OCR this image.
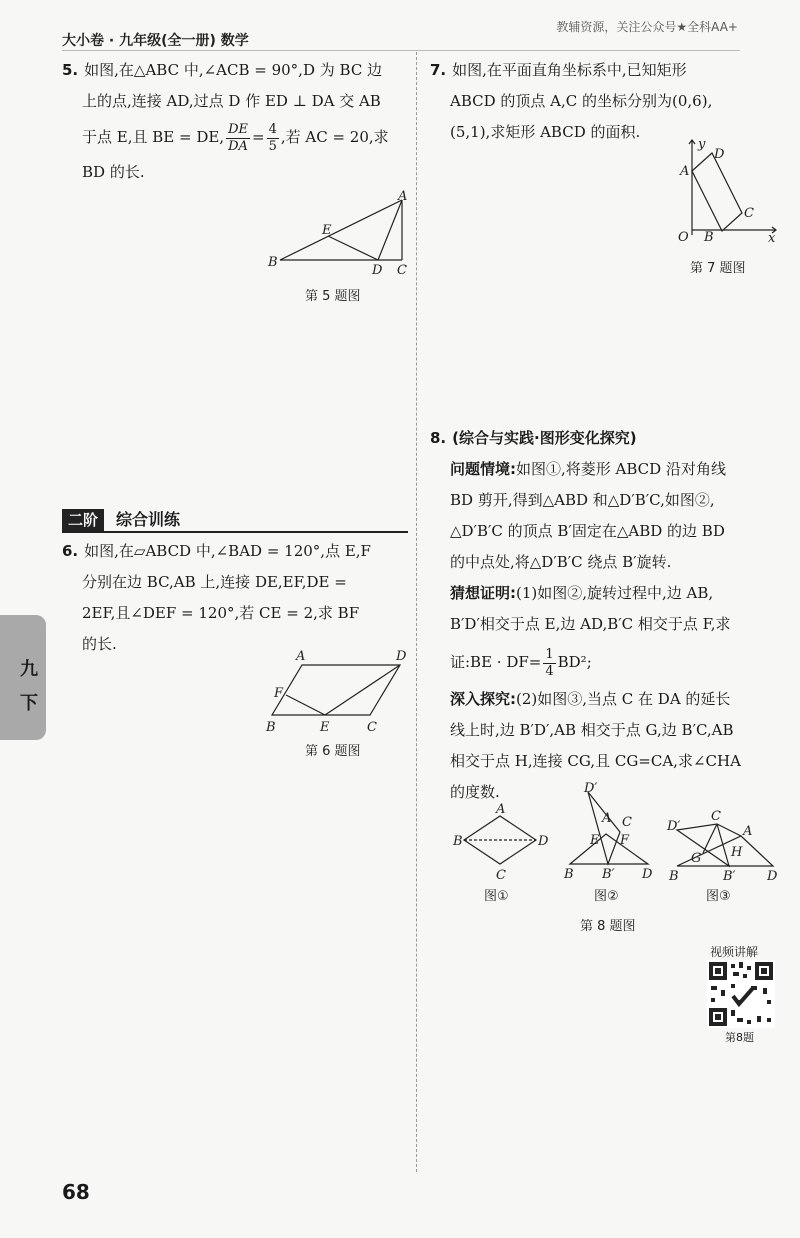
大小卷 · 九年级(全一册) 数学
教辅资源，关注公众号★全科AA+
5. 如图,在△ABC 中,∠ACB = 90°,D 为 BC 边
上的点,连接 AD,过点 D 作 ED ⊥ DA 交 AB
于点 E,且 BE = DE, $\frac{DE}{DA} = \frac{4}{5}$ ,若 AC = 20,求
BD 的长.
A
B
C
D
E
第 5 题图
二阶	综合训练
6. 如图,在▱ABCD 中,∠BAD = 120°,点 E,F
分别在边 BC,AB 上,连接 DE,EF,DE =
2EF,且∠DEF = 120°,若 CE = 2,求 BF
的长.
A
B	C
D
E
F
第 6 题图
7. 如图,在平面直角坐标系中,已知矩形
ABCD 的顶点 A,C 的坐标分别为(0,6),
(5,1),求矩形 ABCD 的面积.
y
x
A
D
C
B
O
第 7 题图
8. (综合与实践·图形变化探究)
问题情境:如图①,将菱形 ABCD 沿对角线
BD 剪开,得到△ABD 和△D′B′C,如图②,
△D′B′C 的顶点 B′固定在△ABD 的边 BD
的中点处,将△D′B′C 绕点 B′旋转.
猜想证明:(1)如图②,旋转过程中,边 AB,
B′D′相交于点 E,边 AD,B′C 相交于点 F,求
证:BE · $DF= \frac{1}{4} BD^2$;
深入探究:(2)如图③,当点 C 在 DA 的延长
线上时,边 B′D′,AB 相交于点 G,边 B′C,AB
相交于点 H,连接 CG,且 CG=CA,求∠CHA
的度数.
A
B
C
D
图①
D′
C
A
E F
B B′ D
图②
D′
C
A
G H
B	B′ D
图③
第 8 题图
视频讲解
第8题
九
下
68
